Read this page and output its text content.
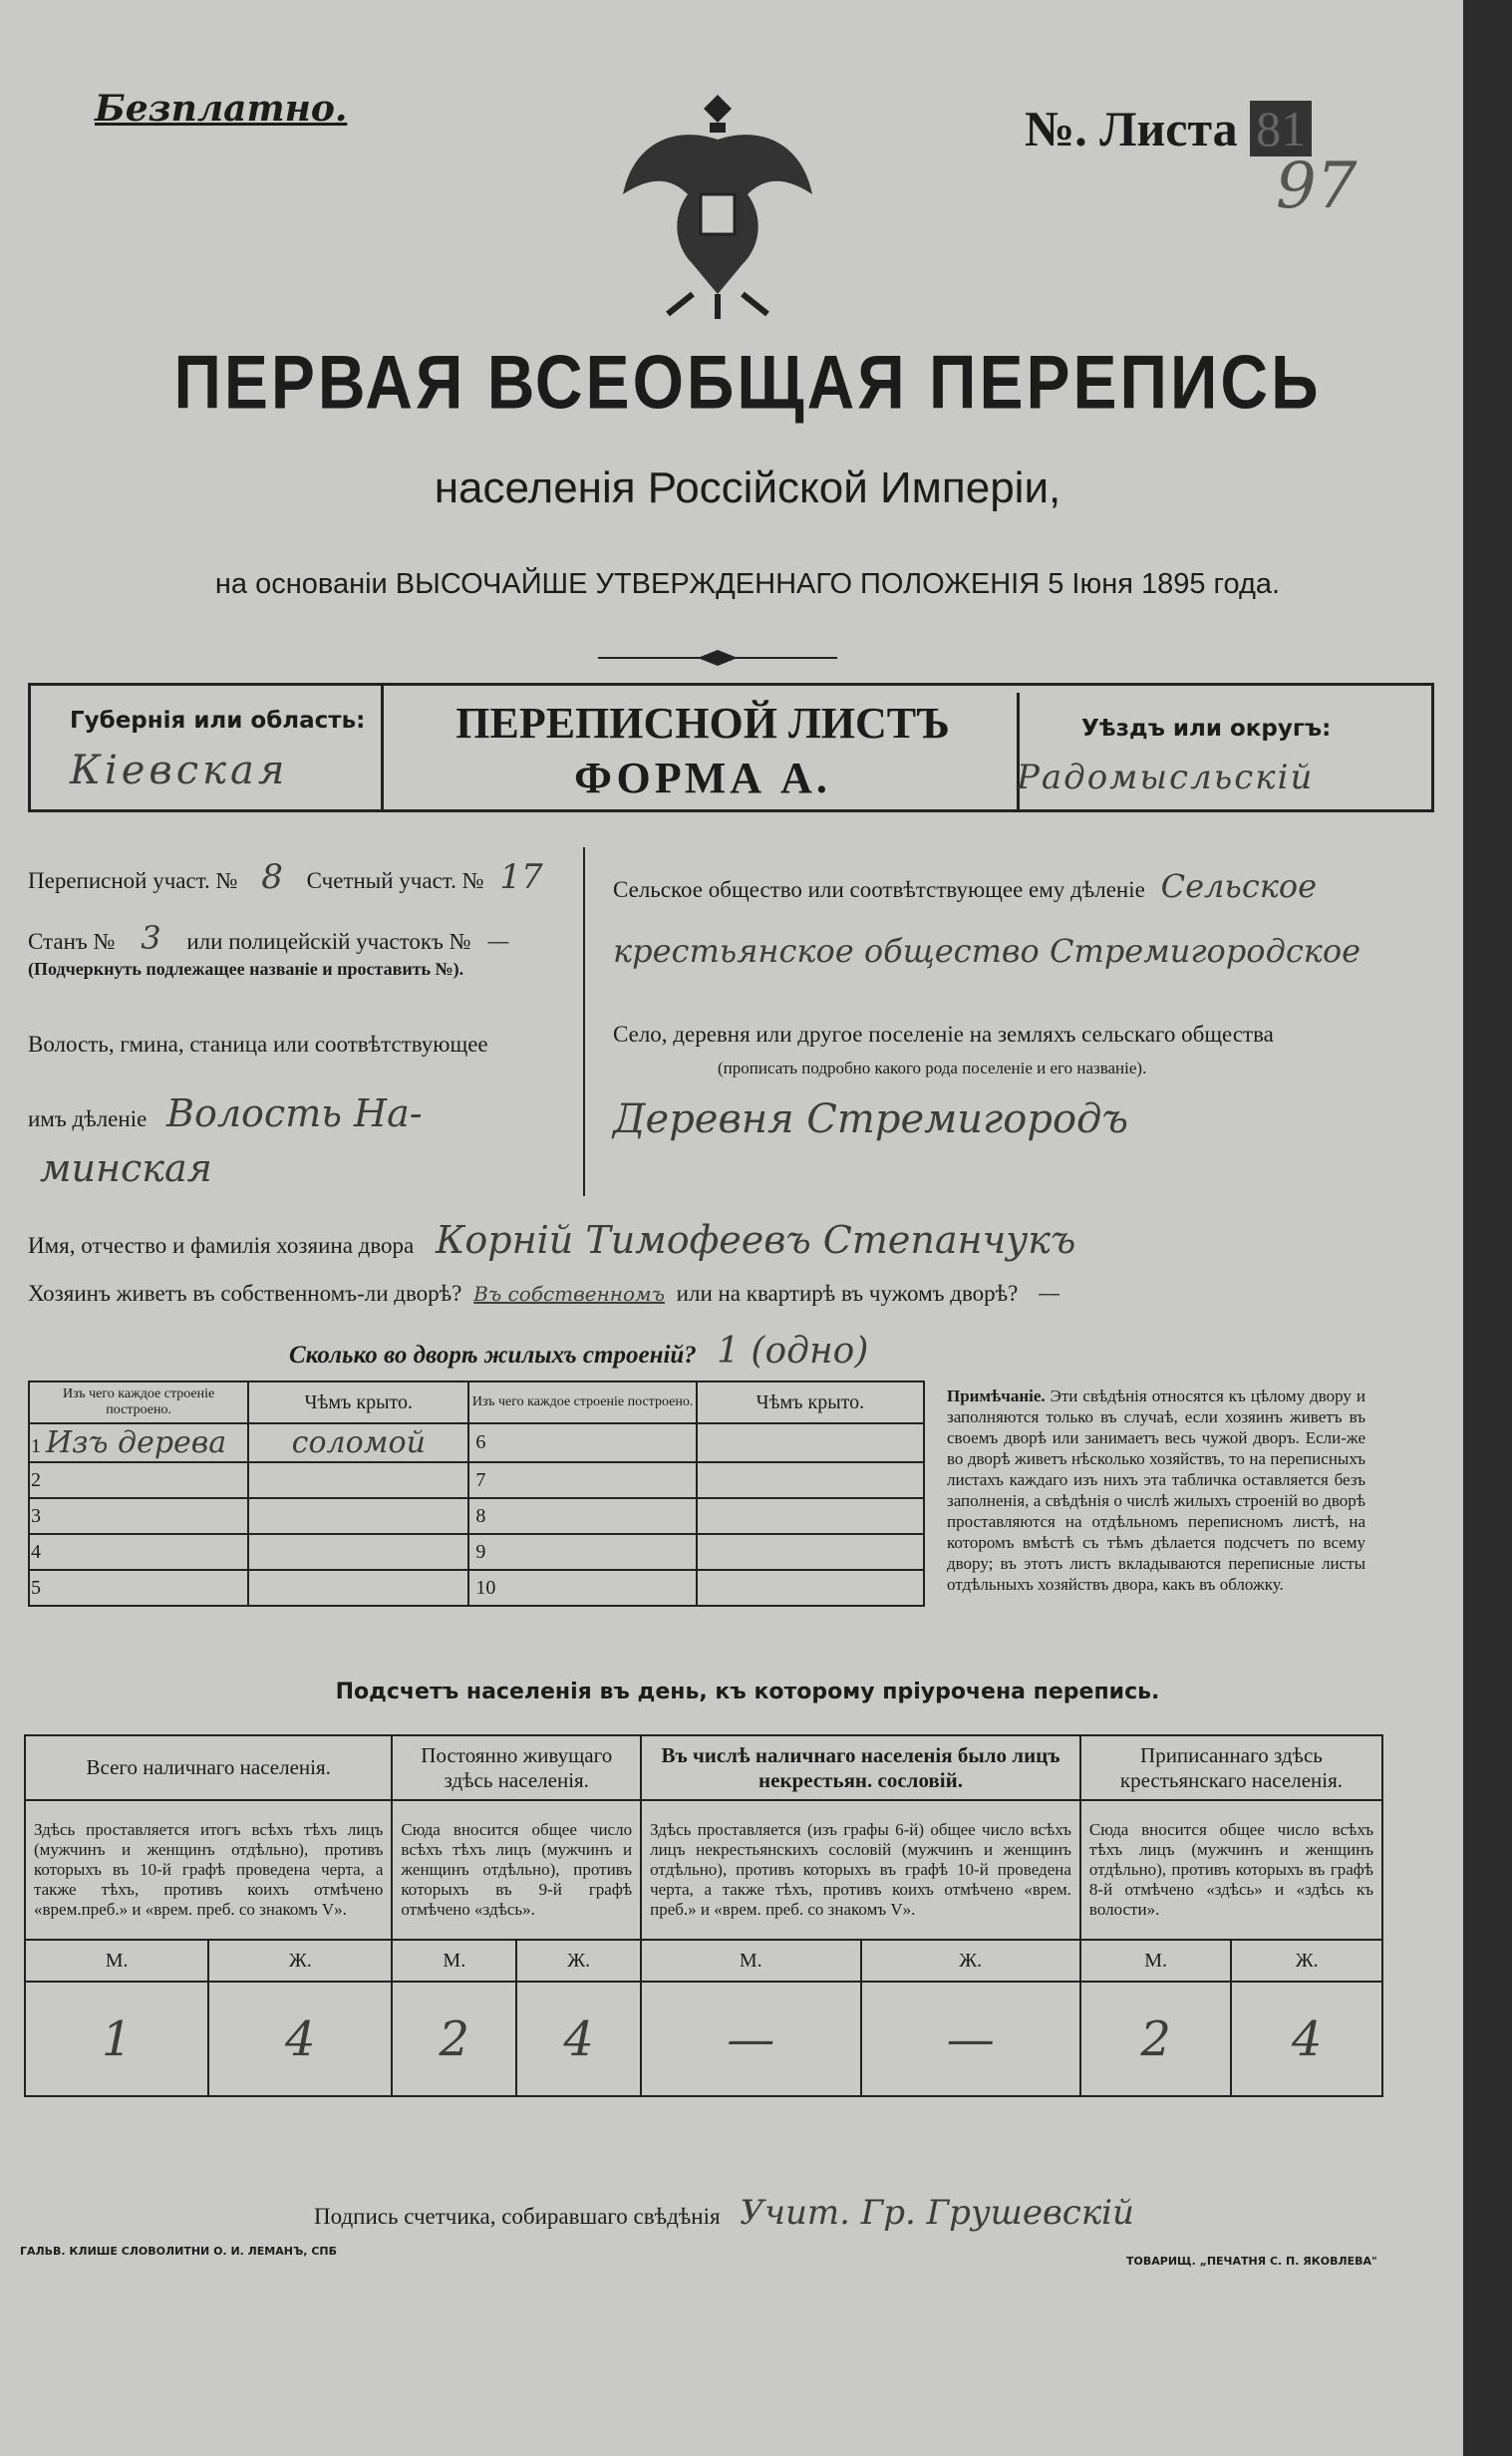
Безплатно.	№. Листа 81
97
ПЕРВАЯ ВСЕОБЩАЯ ПЕРЕПИСЬ
населенія Россійской Имперіи,
на основаніи ВЫСОЧАЙШЕ УТВЕРЖДЕННАГО ПОЛОЖЕНІЯ 5 Іюня 1895 года.
Губернія или область:
Кіевская
ПЕРЕПИСНОЙ ЛИСТЪ
ФОРМА А.
Уѣздъ или округъ:
Радомысльскій
Переписной участ. № 8 Счетный участ. № 17
Станъ № 3 или полицейскій участокъ № —
(Подчеркнуть подлежащее названіе и проставить №).
Волость, гмина, станица или соотвѣтствующее
имъ дѣленіе Волость На-
минская
Сельское общество или соотвѣтствующее ему дѣленіе Сельское
крестьянское общество Стремигородское
Село, деревня или другое поселеніе на земляхъ сельскаго общества
(прописать подробно какого рода поселеніе и его названіе).
Деревня Стремигородъ
Имя, отчество и фамилія хозяина двора Корній Тимофеевъ Степанчукъ
Хозяинъ живетъ въ собственномъ-ли дворѣ? Въ собственномъ или на квартирѣ въ чужомъ дворѣ? —
Сколько во дворѣ жилыхъ строеній? 1 (одно)
Изъ чего каждое строеніе построено.	Чѣмъ крыто.	Изъ чего каждое строеніе построено.	Чѣмъ крыто.
1 Изъ дерева	соломой	6	
2		7	
3		8	
4		9	
5		10	
Примѣчаніе. Эти свѣдѣнія относятся къ цѣлому двору и заполняются только въ случаѣ, если хозяинъ живетъ въ своемъ дворѣ или занимаетъ весь чужой дворъ. Если-же во дворѣ живетъ нѣсколько хозяйствъ, то на переписныхъ листахъ каждаго изъ нихъ эта табличка оставляется безъ заполненія, а свѣдѣнія о числѣ жилыхъ строеній во дворѣ проставляются на отдѣльномъ переписномъ листѣ, на которомъ вмѣстѣ съ тѣмъ дѣлается подсчетъ по всему двору; въ этотъ листъ вкладываются переписные листы отдѣльныхъ хозяйствъ двора, какъ въ обложку.
Подсчетъ населенія въ день, къ которому пріурочена перепись.
Всего наличнаго населенія.		Постоянно живущаго здѣсь населенія.		Въ числѣ наличнаго населенія было лицъ некрестьян. сословій.		Приписаннаго здѣсь крестьянскаго населенія.	
Здѣсь проставляется итогъ всѣхъ тѣхъ лицъ (мужчинъ и женщинъ отдѣльно), противъ которыхъ въ 10-й графѣ проведена черта, а также тѣхъ, противъ коихъ отмѣчено «врем.преб.» и «врем. преб. со знакомъ V».		Сюда вносится общее число всѣхъ тѣхъ лицъ (мужчинъ и женщинъ отдѣльно), противъ которыхъ въ 9-й графѣ отмѣчено «здѣсь».		Здѣсь проставляется (изъ графы 6-й) общее число всѣхъ лицъ некрестьянскихъ сословій (мужчинъ и женщинъ отдѣльно), противъ которыхъ въ графѣ 10-й проведена черта, а также тѣхъ, противъ коихъ отмѣчено «врем. преб.» и «врем. преб. со знакомъ V».		Сюда вносится общее число всѣхъ тѣхъ лицъ (мужчинъ и женщинъ отдѣльно), противъ которыхъ въ графѣ 8-й отмѣчено «здѣсь» и «здѣсь къ волости».	
М.	Ж.	М.	Ж.	М.	Ж.	М.	Ж.
1	4	2	4	—	—	2	4
Подпись счетчика, собиравшаго свѣдѣнія Учит. Гр. Грушевскій
ГАЛЬВ. КЛИШЕ СЛОВОЛИТНИ О. И. ЛЕМАНЪ, СПБ
ТОВАРИЩ. „ПЕЧАТНЯ С. П. ЯКОВЛЕВА"
